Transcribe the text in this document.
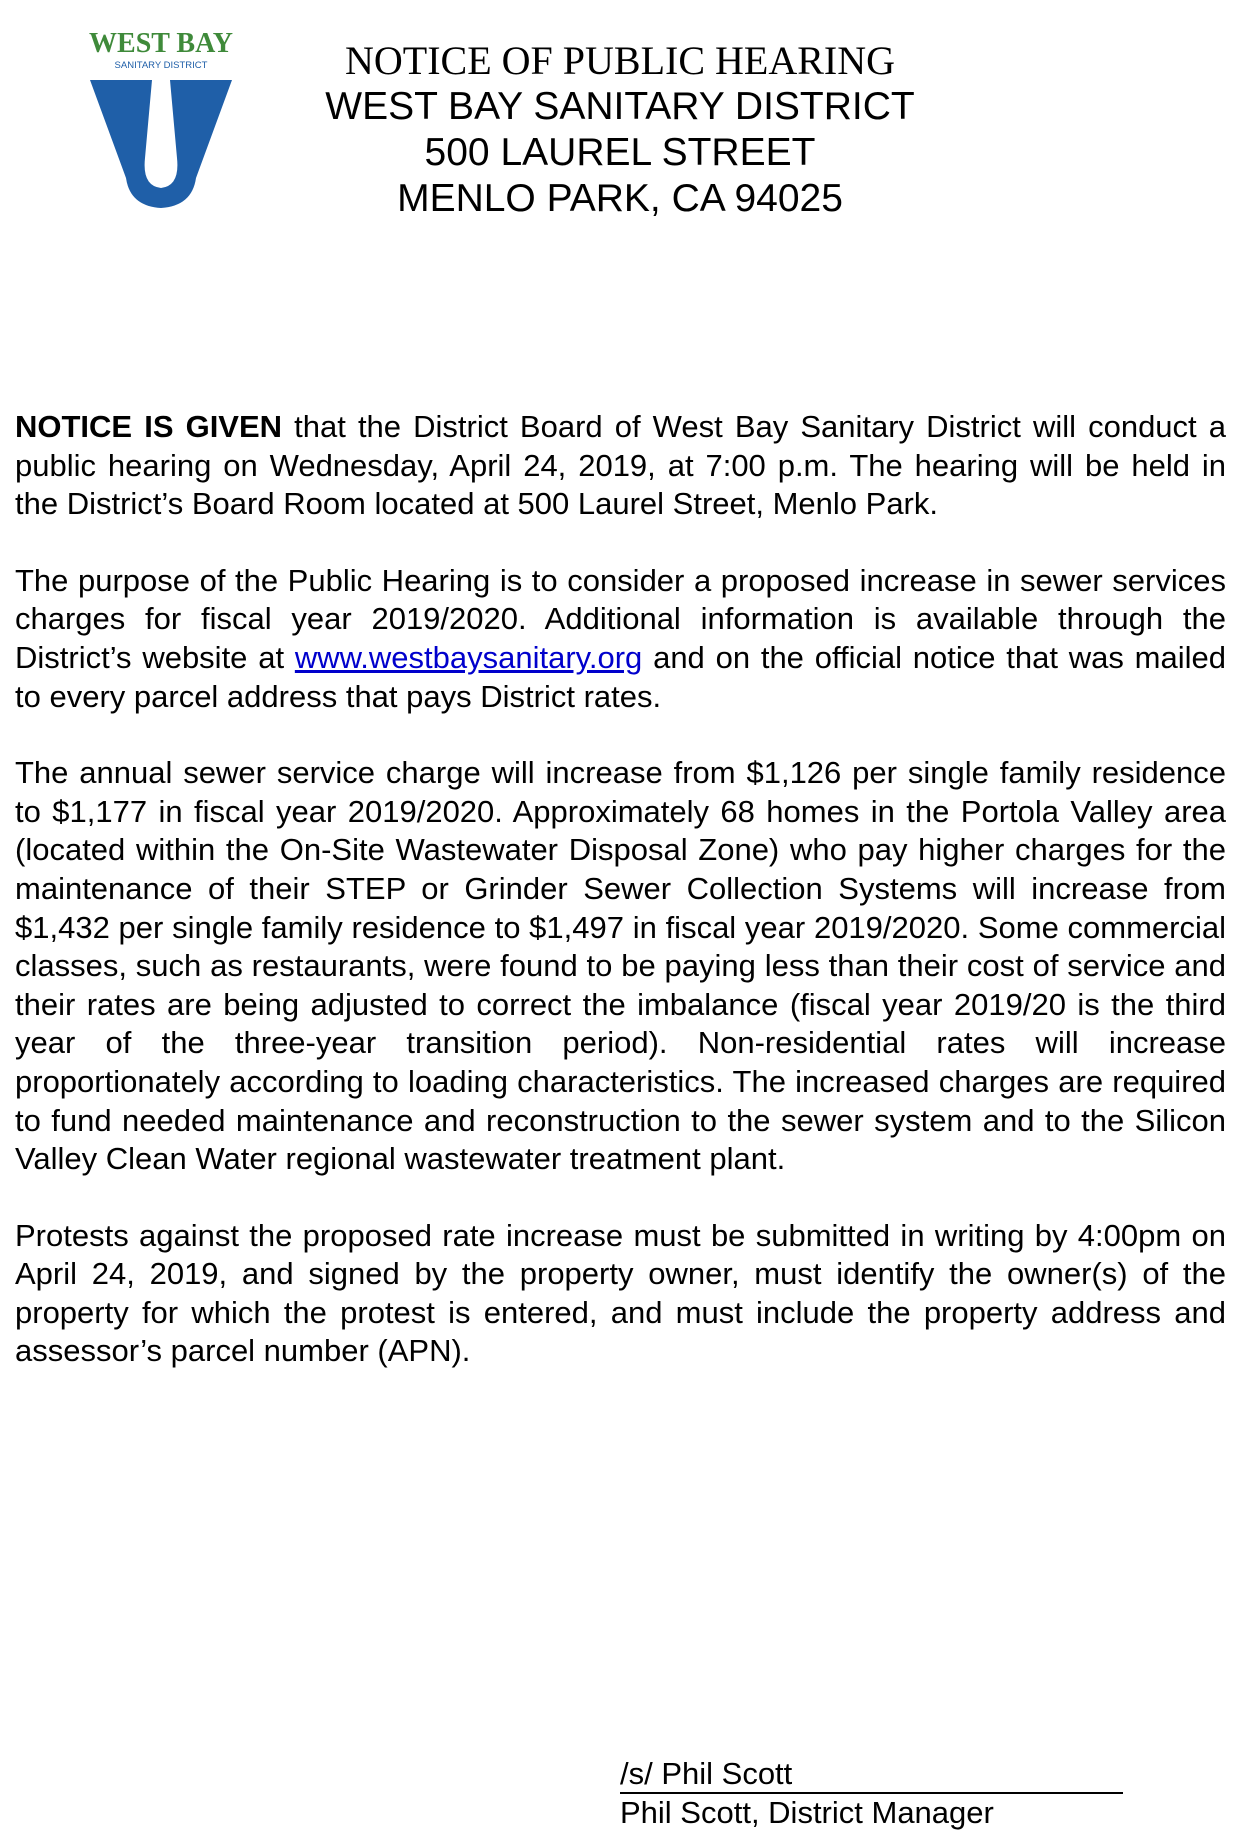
WEST BAY
SANITARY DISTRICT	NOTICE OF PUBLIC HEARING
WEST BAY SANITARY DISTRICT
500 LAUREL STREET
MENLO PARK, CA 94025

NOTICE IS GIVEN that the District Board of West Bay Sanitary District will conduct a public hearing on Wednesday, April 24, 2019, at 7:00 p.m. The hearing will be held in the District’s Board Room located at 500 Laurel Street, Menlo Park.

The purpose of the Public Hearing is to consider a proposed increase in sewer services charges for fiscal year 2019/2020. Additional information is available through the District’s website at www.westbaysanitary.org and on the official notice that was mailed to every parcel address that pays District rates.

The annual sewer service charge will increase from $1,126 per single family residence to $1,177 in fiscal year 2019/2020. Approximately 68 homes in the Portola Valley area (located within the On-Site Wastewater Disposal Zone) who pay higher charges for the maintenance of their STEP or Grinder Sewer Collection Systems will increase from $1,432 per single family residence to $1,497 in fiscal year 2019/2020. Some commercial classes, such as restaurants, were found to be paying less than their cost of service and their rates are being adjusted to correct the imbalance (fiscal year 2019/20 is the third year of the three-year transition period). Non-residential rates will increase proportionately according to loading characteristics. The increased charges are required to fund needed maintenance and reconstruction to the sewer system and to the Silicon Valley Clean Water regional wastewater treatment plant.

Protests against the proposed rate increase must be submitted in writing by 4:00pm on April 24, 2019, and signed by the property owner, must identify the owner(s) of the property for which the protest is entered, and must include the property address and assessor’s parcel number (APN).

/s/ Phil Scott
Phil Scott, District Manager
